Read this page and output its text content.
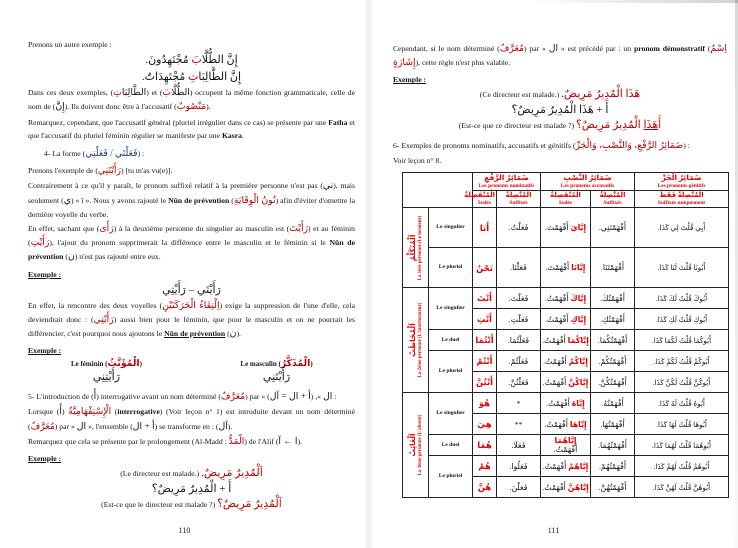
Prenons un autre exemple :

إِنَّ الطُّلَّابَ مُجْتَهِدُونَ.
إِنَّ الطَّالِبَاتِ مُجْتَهِدَاتٌ.

Dans ces deux exemples, ( الطَّالِبَاتِ	) et ( الطُّلَّابَ ) occupent la même fonction grammaticale, celle de nom de (إِنَّ). Ils doivent donc être à l'accusatif (مَنْصُوبٌ).

Remarquez, cependant, que l'accusatif général (pluriel irrégulier dans ce cas) se présente par une Fatha et que l'accusatif du pluriel féminin régulier se manifeste par une Kasra.

4- La forme (فَعَلْتَي / فَعَلْتِي) :

Prenons l'exemple de (رَأَيْتَنِي) [tu m'as vu(e)].

Contrairement à ce qu'il y paraît, le pronom suffixé relatif à la première personne n'est pas (ني), mais seulement (ي) « î ». Nous y avons rajouté le Nûn de prévention (نُونُ الْوِقَايَةِ) afin d'éviter d'omettre la dernière voyelle du verbe.

En effet, sachant que (رَأَى) à la deuxième personne du singulier au masculin est (رَأَيْتَ) et au féminin (رَأَيْتِ), l'ajout du pronom supprimerait la différence entre le masculin et le féminin si le Nûn de prévention (ن) n'est pas rajouté entre eux.

Exemple :

رَأَيْتَي – رَأَيْتِي

En effet, la rencontre des deux voyelles (اِلْتِقَاءُ الْحَرَكَتَيْنِ) exige la suppression de l'une d'elle, cela deviendrait donc : (رَأَيْتِي) aussi bien pour le féminin, que pour le masculin et on ne pourrait les différencier, c'est pourquoi nous ajoutons le Nûn de prévention (ن).

Exemple :

Le féminin (الْمُؤَنَّثُ)
رَأَيْتِنِي
Le masculin (الْمُذَكَّرُ)
رَأَيْتَنِي

5- L'introduction de (أَ) interrogative avant un nom déterminé (مُعَرَّفٌ) par «	ال », (أ + ال = آل) :

Lorsque (أَ) الْإِسْتِفْهَامِيَّةُ (interrogative) (Voir leçon n° 1) est introduite devant un nom déterminé (مُعَرَّفٌ) par « ال », l'ensemble (أ + ال) se transforme en : (آل).

Remarquez que cela se présente par le prolongement (Al-Madd : الْمَدُّ) de l'Alif (ا ← آ).

Exemple :

(Le directeur est malade.) اَلْمُدِيرُ مَرِيضٌ.‏
أَ + الْمُدِيرُ مَرِيضٌ؟
(Est-ce que le directeur est malade ?)	آلْمُدِيرُ مَرِيضٌ؟
110

Cependant, si le nom déterminé (مُعَرَّفٌ) par « ال » est précédé par : un pronom démonstratif (اِسْمُ إِشَارَةٍ), cette règle n'est plus valable.

Exemple :

(Ce directeur est malade.) هَذَا الْمُدِيرُ مَرِيضٌ.‏
أَ + هَذَا الْمُدِيرُ مَرِيضٌ؟
(Est-ce que ce directeur est malade ?)	أَهَذَا الْمُدِيرُ مَرِيضٌ؟

6- Exemples de pronoms nominatifs, accusatifs et génitifs (ضَمَائِرُ الرَّفْعِ، وَالنَّصْبِ، وَالْجَرِّ) :

Voir leçon n° 8.

ضَمَائِرُ الرَّفْعِ
Les pronoms nominatifs

ضَمَائِرُ النَّصْبِ
Les pronoms accusatifs

ضَمَائِرُ الْجَرِّ
Les pronoms génitifs

الْمُنْفَصِلَةُ
Isolés

الْمُتَّصِلَةُ
Suffixés

الْمُنْفَصِلَةُ
Isolés

الْمُتَّصِلَةُ
Suffixés

الْمُتَّصِلَةُ فَقَطْ
Suffixés uniquement

اَلْمُتَكَلِّمُ La 1ère personne (Le locuteur)	Le singulier	أَنَا	فَعَلْتُ.	إِيَّايَ أَفْهَمْتَ.	أَفْهَمْتَنِي.	أَبِي قُلْتَ لِي كَذَا.
	Le pluriel	نَحْنُ	فَعَلْنَا.	إِيَّانَا أَفْهَمْتَ.	أَفْهَمْتَنَا.	أَبُونَا قُلْتَ لَنَا كَذَا.

اَلْمُخَاطَبُ La 2ème personne (L'interlocuteur)	Le singulier	أَنْتَ	فَعَلْتَ.	إِيَّاكَ أَفْهَمْتُ.	أَفْهَمْتُكَ.	أَبُوكَ قُلْتُ لَكَ كَذَا.
		أَنْتِ	فَعَلْتِ.	إِيَّاكِ أَفْهَمْتُ.	أَفْهَمْتُكِ.	أَبُوكِ قُلْتُ لَكِ كَذَا.
	Le duel	أَنْتُمَا	فَعَلْتُمَا.	إِيَّاكُمَا أَفْهَمْتُ.	أَفْهَمْتُكُمَا.	أَبُوكُمَا قُلْتُ لَكُمَا كَذَا.
	Le pluriel	أَنْتُمْ	فَعَلْتُمْ.	إِيَّاكُمْ أَفْهَمْتُ.	أَفْهَمْتُكُمْ.	أَبُوكُمْ قُلْتُ لَكُمْ كَذَا.
		أَنْتُنَّ	فَعَلْتُنَّ.	إِيَّاكُنَّ أَفْهَمْتُ.	أَفْهَمْتُكُنَّ.	أَبُوكُنَّ قُلْتُ لَكُنَّ كَذَا.

اَلْغَائِبُ La 3ème personne (L'absent)	Le singulier	هُوَ	*	إِيَّاهُ أَفْهَمْتُ.	أَفْهَمْتُهُ.	أَبُوهُ قُلْتُ لَهُ كَذَا.
		هِيَ	**	إِيَّاهَا أَفْهَمْتُ.	أَفْهَمْتُهَا.	أَبُوهَا قُلْتُ لَهَا كَذَا.
	Le duel	هُمَا	فَعَلَا.	إِيَّاهُمَا أَفْهَمْتُ.	أَفْهَمْتُهُمَا.	أَبُوهُمَا قُلْتُ لَهُمَا كَذَا.
	Le pluriel	هُمْ	فَعَلُوا.	إِيَّاهُمْ أَفْهَمْتُ.	أَفْهَمْتُهُمْ.	أَبُوهُمْ قُلْتُ لَهُمْ كَذَا.
		هُنَّ	فَعَلْنَ.	إِيَّاهُنَّ أَفْهَمْتُ.	أَفْهَمْتُهُنَّ.	أَبُوهُنَّ قُلْتُ لَهُنَّ كَذَا.
111
